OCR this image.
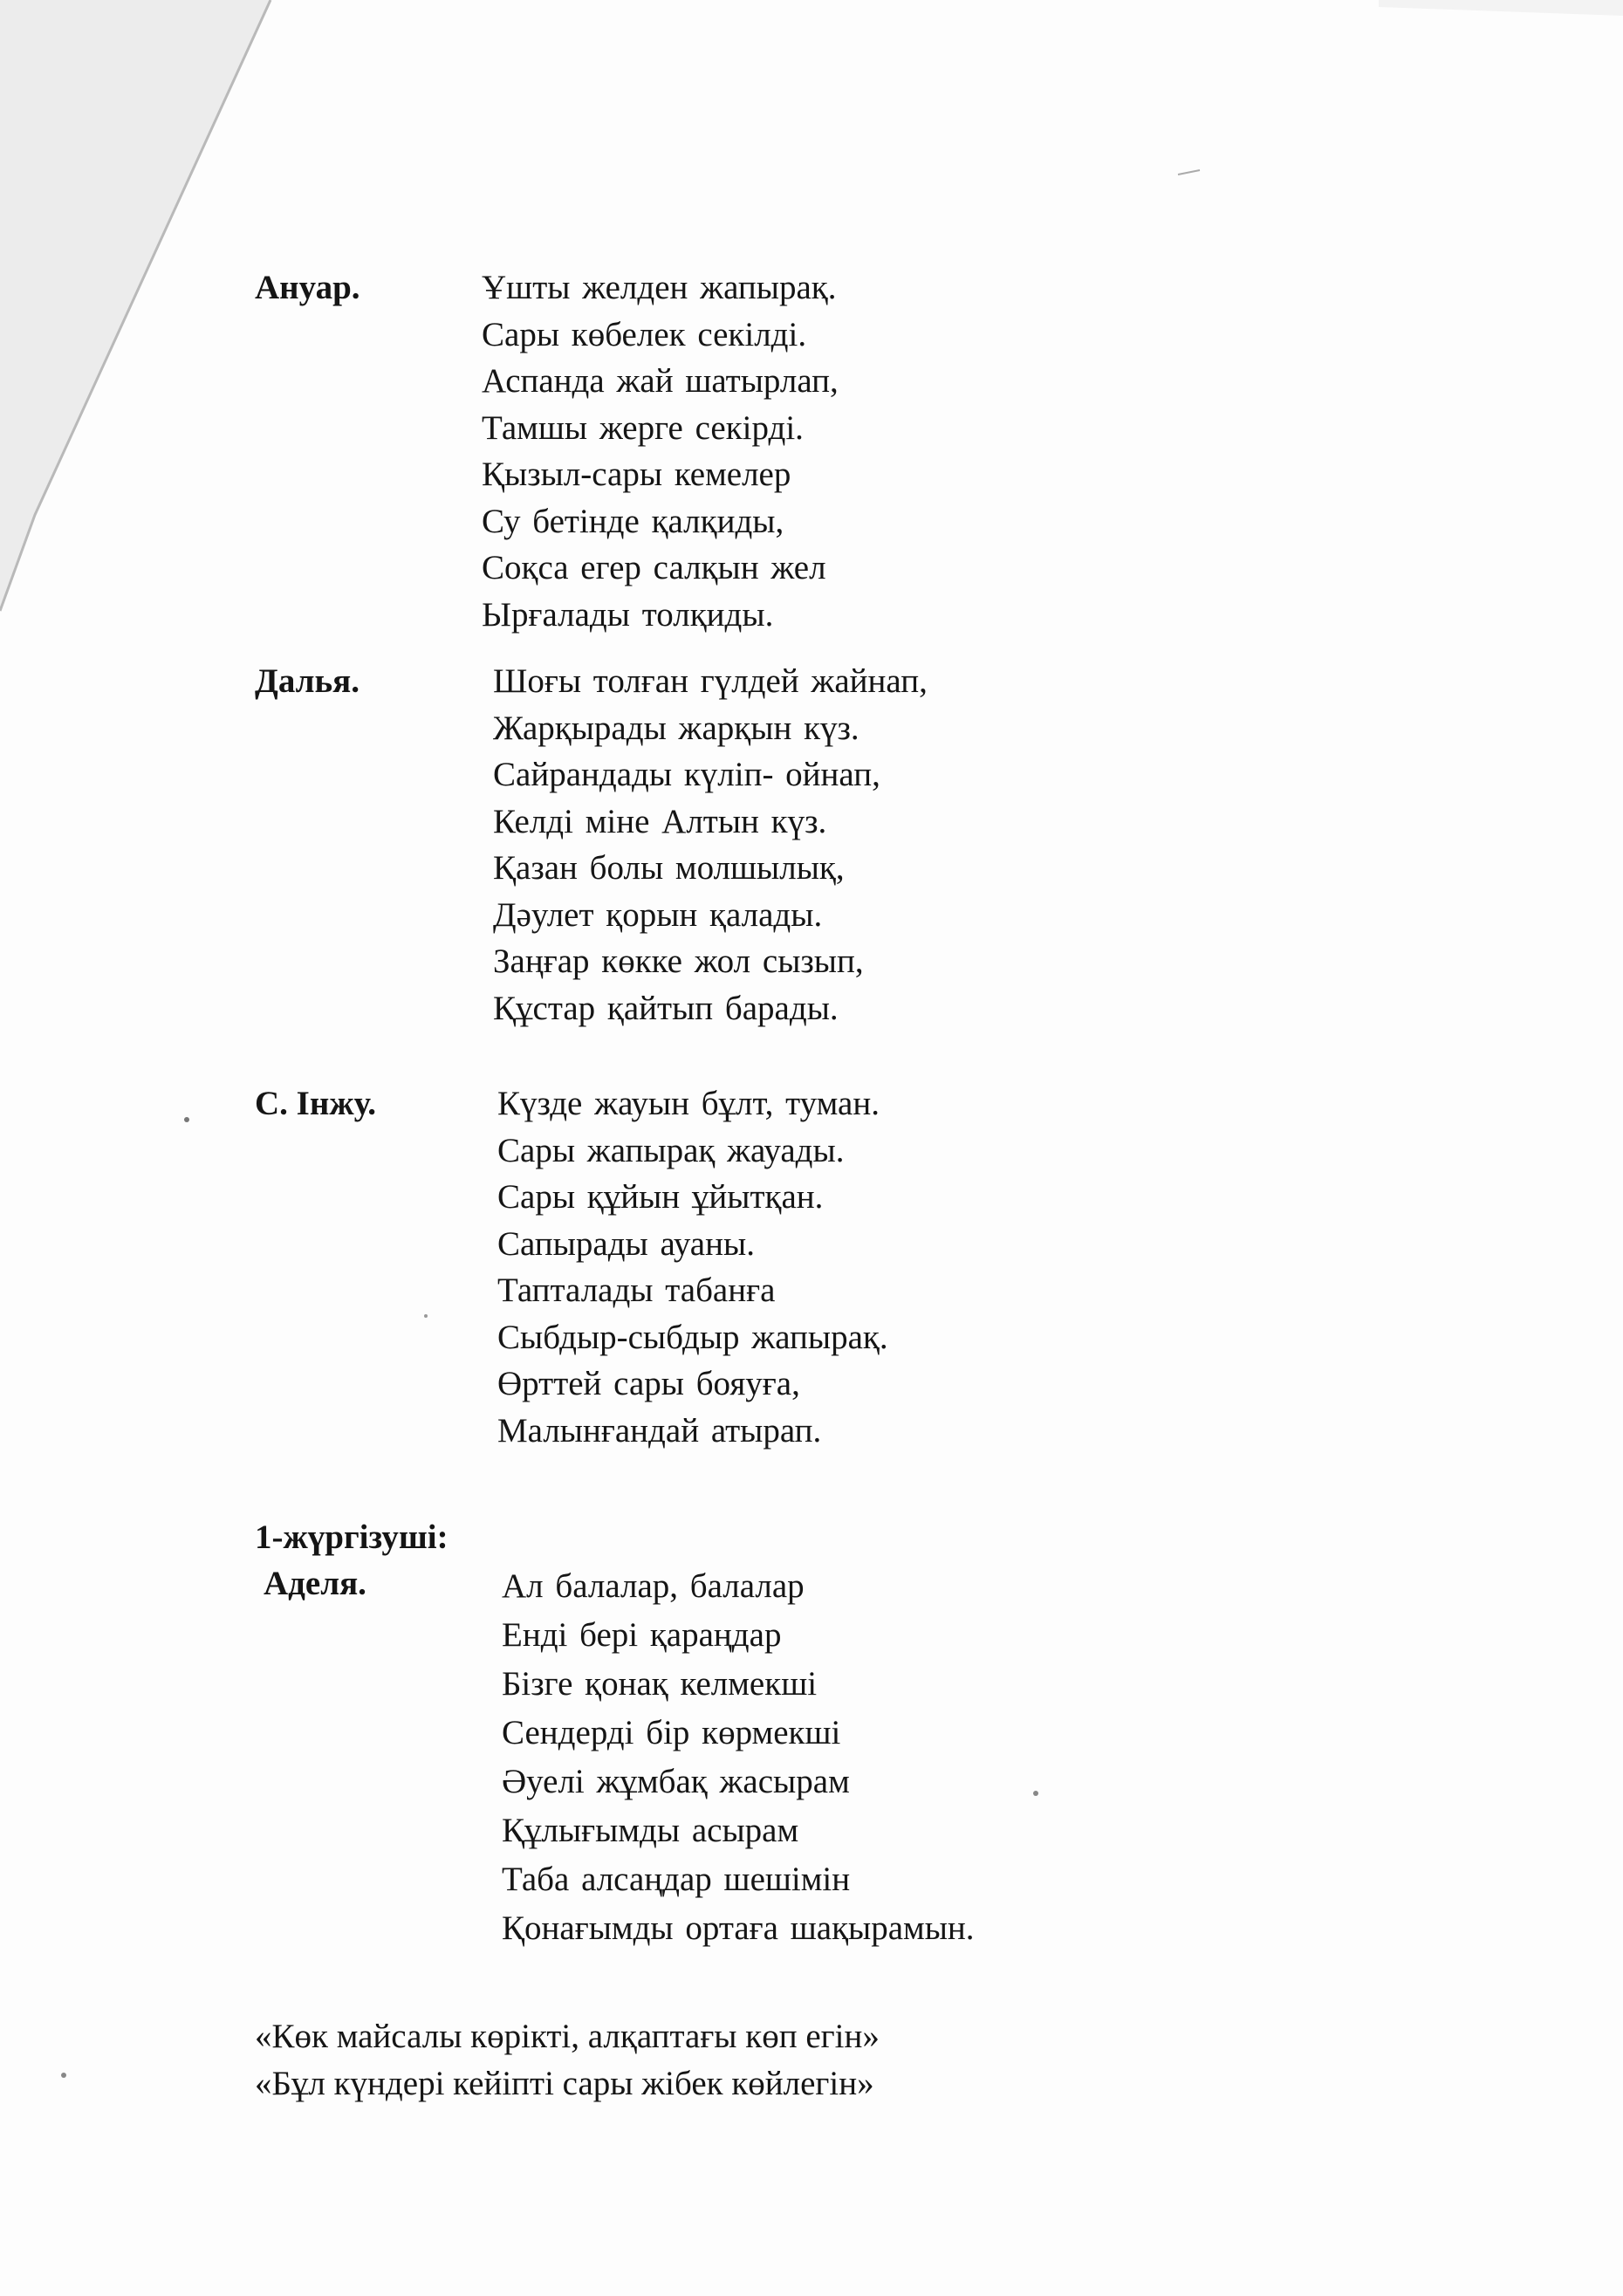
Ануар.	Ұшты желден жапырақ.
Сары көбелек секілді.
Аспанда жай шатырлап,
Тамшы жерге секірді.
Қызыл-сары кемелер
Су бетінде қалқиды,
Соқса егер салқын жел
Ырғалады толқиды.
Далья.	Шоғы толған гүлдей жайнап,
Жарқырады жарқын күз.
Сайрандады күліп- ойнап,
Келді міне Алтын күз.
Қазан болы молшылық,
Дәулет қорын қалады.
Заңғар көкке жол сызып,
Құстар қайтып барады.
С. Інжу.	Күзде жауын бұлт, туман.
Сары жапырақ жауады.
Сары құйын ұйытқан.
Сапырады ауаны.
Тапталады табанға
Сыбдыр-сыбдыр жапырақ.
Өрттей сары бояуға,
Малынғандай атырап.
1-жүргізуші:
Аделя.	Ал балалар, балалар
Енді бері қараңдар
Бізге қонақ келмекші
Сендерді бір көрмекші
Әуелі жұмбақ жасырам
Құлығымды асырам
Таба алсаңдар шешімін
Қонағымды ортаға шақырамын.
«Көк майсалы көрікті, алқаптағы көп егін»
«Бұл күндері кейіпті сары жібек көйлегін»
